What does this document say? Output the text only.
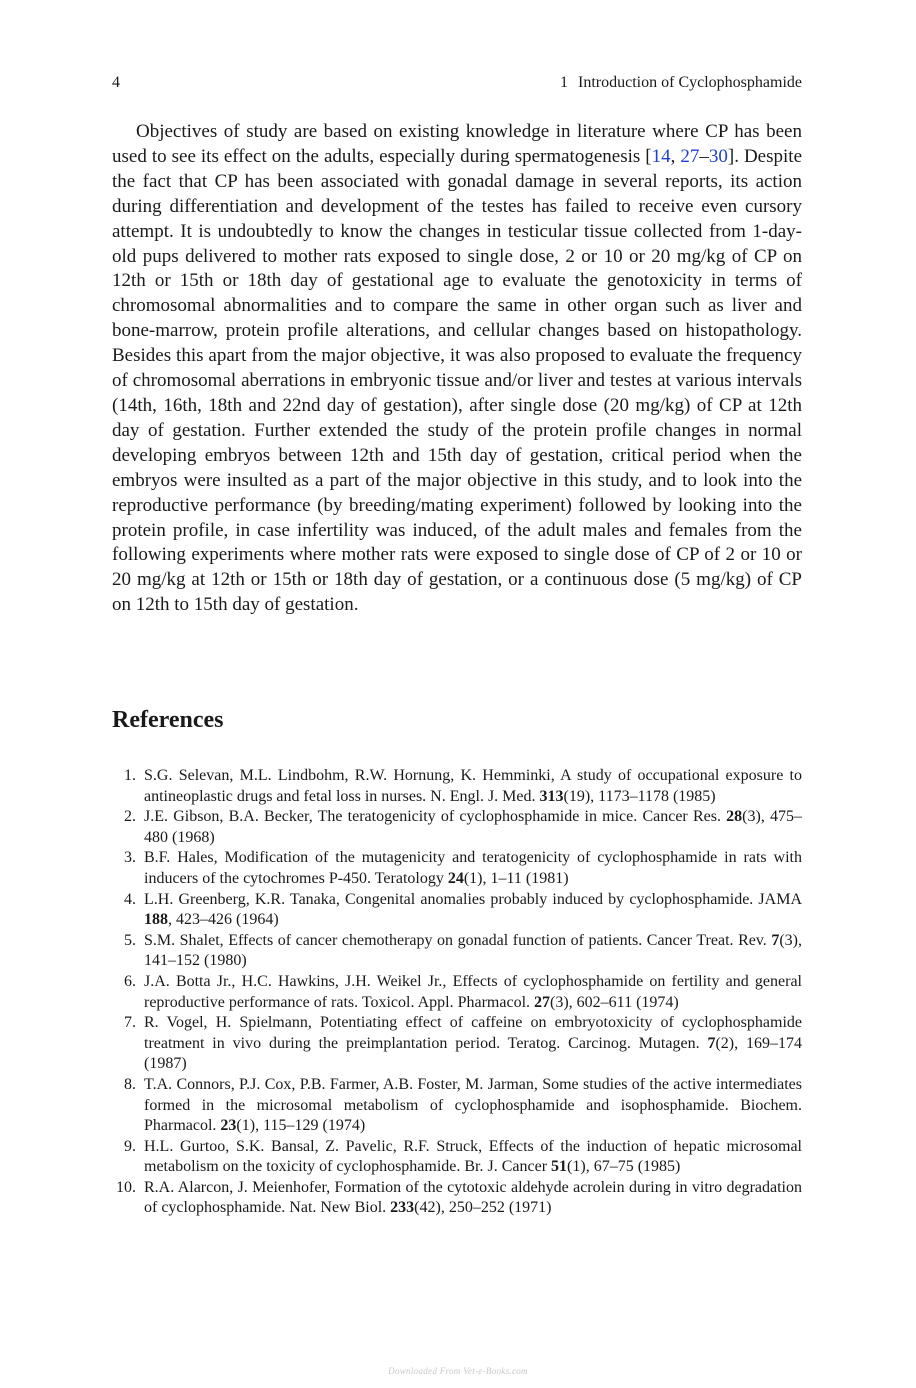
4	1 Introduction of Cyclophosphamide

Objectives of study are based on existing knowledge in literature where CP has been used to see its effect on the adults, especially during spermatogenesis [14, 27–30]. Despite the fact that CP has been associated with gonadal damage in several reports, its action during differentiation and development of the testes has failed to receive even cursory attempt. It is undoubtedly to know the changes in testicular tissue collected from 1-day-old pups delivered to mother rats exposed to single dose, 2 or 10 or 20 mg/kg of CP on 12th or 15th or 18th day of gestational age to evaluate the genotoxicity in terms of chromosomal abnormalities and to compare the same in other organ such as liver and bone-marrow, protein profile alterations, and cellular changes based on histopathology. Besides this apart from the major objective, it was also proposed to evaluate the frequency of chromosomal aberrations in embryonic tissue and/or liver and testes at various intervals (14th, 16th, 18th and 22nd day of gestation), after single dose (20 mg/kg) of CP at 12th day of gestation. Further extended the study of the protein profile changes in normal developing embryos between 12th and 15th day of gestation, critical period when the embryos were insulted as a part of the major objective in this study, and to look into the reproductive performance (by breeding/mating experiment) followed by looking into the protein profile, in case infertility was induced, of the adult males and females from the following experiments where mother rats were exposed to single dose of CP of 2 or 10 or 20 mg/kg at 12th or 15th or 18th day of gestation, or a continuous dose (5 mg/kg) of CP on 12th to 15th day of gestation.

References
1. S.G. Selevan, M.L. Lindbohm, R.W. Hornung, K. Hemminki, A study of occupational exposure to antineoplastic drugs and fetal loss in nurses. N. Engl. J. Med. 313(19), 1173–1178 (1985)
2. J.E. Gibson, B.A. Becker, The teratogenicity of cyclophosphamide in mice. Cancer Res. 28(3), 475–480 (1968)
3. B.F. Hales, Modification of the mutagenicity and teratogenicity of cyclophosphamide in rats with inducers of the cytochromes P-450. Teratology 24(1), 1–11 (1981)
4. L.H. Greenberg, K.R. Tanaka, Congenital anomalies probably induced by cyclophosphamide. JAMA 188, 423–426 (1964)
5. S.M. Shalet, Effects of cancer chemotherapy on gonadal function of patients. Cancer Treat. Rev. 7(3), 141–152 (1980)
6. J.A. Botta Jr., H.C. Hawkins, J.H. Weikel Jr., Effects of cyclophosphamide on fertility and general reproductive performance of rats. Toxicol. Appl. Pharmacol. 27(3), 602–611 (1974)
7. R. Vogel, H. Spielmann, Potentiating effect of caffeine on embryotoxicity of cyclophosphamide treatment in vivo during the preimplantation period. Teratog. Carcinog. Mutagen. 7(2), 169–174 (1987)
8. T.A. Connors, P.J. Cox, P.B. Farmer, A.B. Foster, M. Jarman, Some studies of the active intermediates formed in the microsomal metabolism of cyclophosphamide and isophosphamide. Biochem. Pharmacol. 23(1), 115–129 (1974)
9. H.L. Gurtoo, S.K. Bansal, Z. Pavelic, R.F. Struck, Effects of the induction of hepatic microsomal metabolism on the toxicity of cyclophosphamide. Br. J. Cancer 51(1), 67–75 (1985)
10. R.A. Alarcon, J. Meienhofer, Formation of the cytotoxic aldehyde acrolein during in vitro degradation of cyclophosphamide. Nat. New Biol. 233(42), 250–252 (1971)
Downloaded From Vet-e-Books.com
